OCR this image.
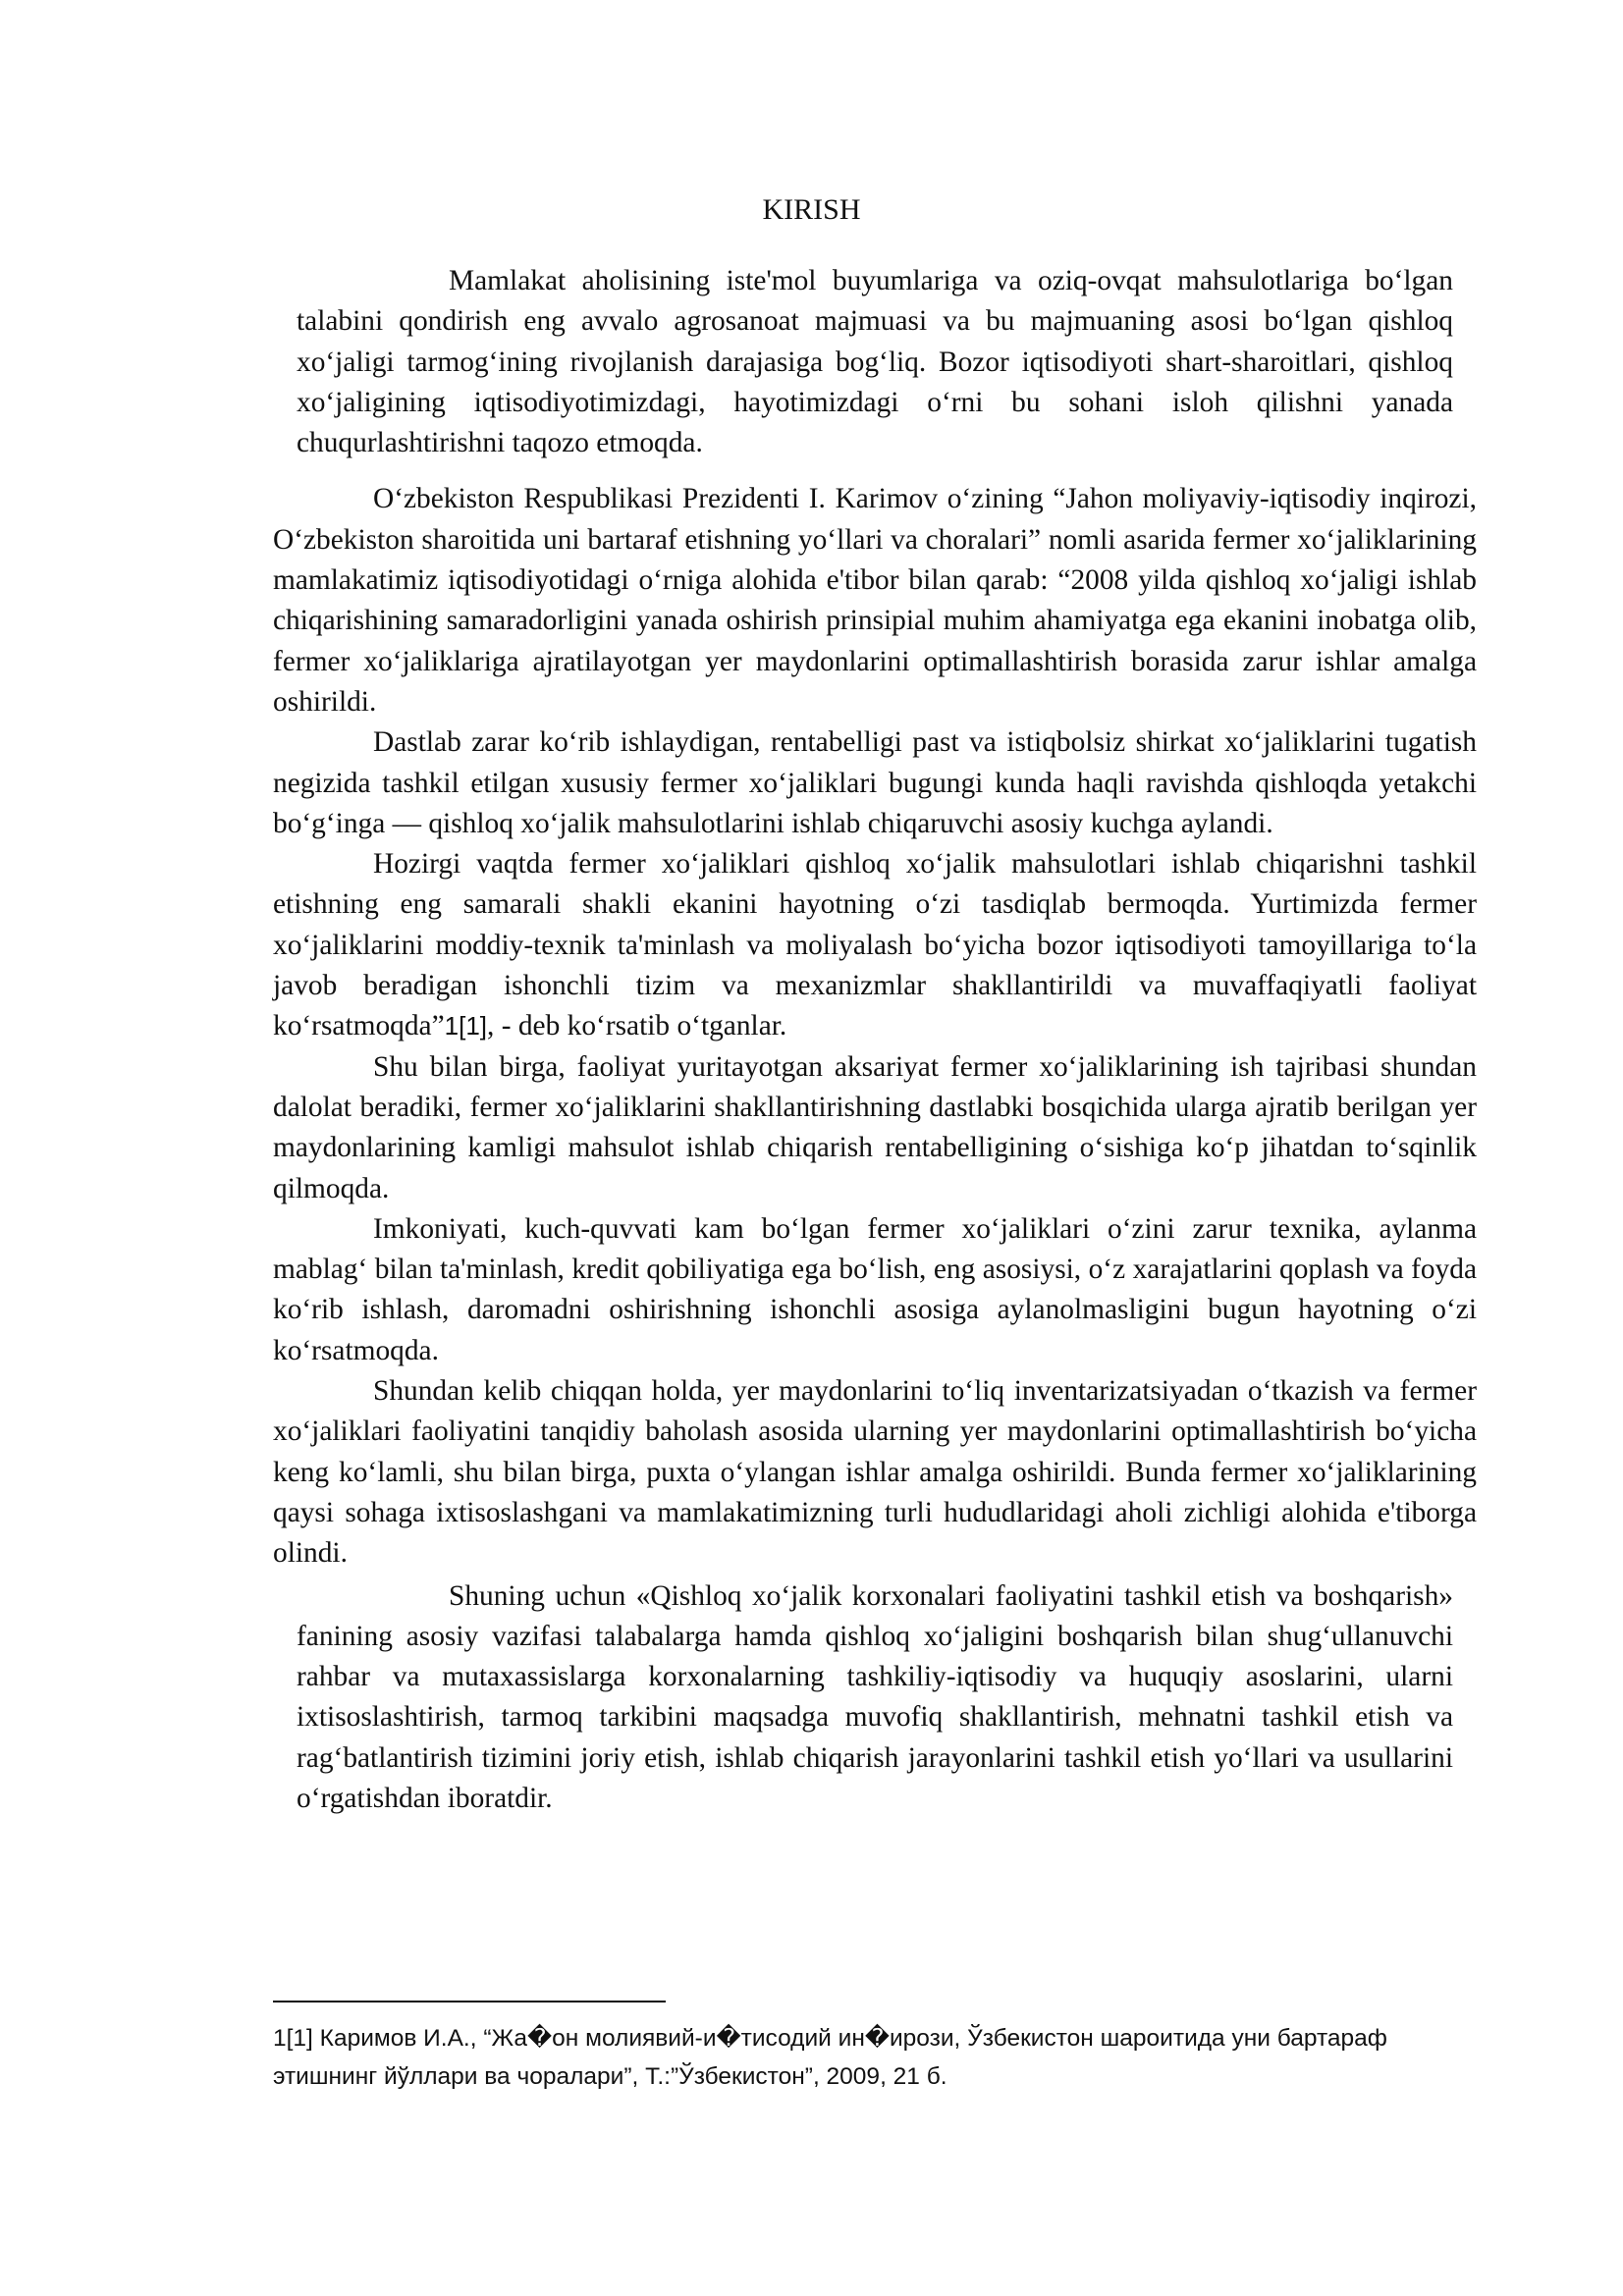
KIRISH

Mamlakat aholisining iste'mol buyumlariga va oziq-ovqat mahsulotlariga bo‘lgan talabini qondirish eng avvalo agrosanoat majmuasi va bu majmuaning asosi bo‘lgan qishloq xo‘jaligi tarmog‘ining rivojlanish darajasiga bog‘liq. Bozor iqtisodiyoti shart-sharoitlari, qishloq xo‘jaligining iqtisodiyotimizdagi, hayotimizdagi o‘rni bu sohani isloh qilishni yanada chuqurlashtirishni taqozo etmoqda.

O‘zbekiston Respublikasi Prezidenti I. Karimov o‘zining “Jahon moliyaviy-iqtisodiy inqirozi, O‘zbekiston sharoitida uni bartaraf etishning yo‘llari va choralari” nomli asarida fermer xo‘jaliklarining mamlakatimiz iqtisodiyotidagi o‘rniga alohida e'tibor bilan qarab: “2008 yilda qishloq xo‘jaligi ishlab chiqarishining samaradorligini yanada oshirish prinsipial muhim ahamiyatga ega ekanini inobatga olib, fermer xo‘jaliklariga ajratilayotgan yer maydonlarini optimallashtirish borasida zarur ishlar amalga oshirildi.

Dastlab zarar ko‘rib ishlaydigan, rentabelligi past va istiqbolsiz shirkat xo‘jaliklarini tugatish negizida tashkil etilgan xususiy fermer xo‘jaliklari bugungi kunda haqli ravishda qishloqda yetakchi bo‘g‘inga — qishloq xo‘jalik mahsulotlarini ishlab chiqaruvchi asosiy kuchga aylandi.

Hozirgi vaqtda fermer xo‘jaliklari qishloq xo‘jalik mahsulotlari ishlab chiqarishni tashkil etishning eng samarali shakli ekanini hayotning o‘zi tasdiqlab bermoqda. Yurtimizda fermer xo‘jaliklarini moddiy-texnik ta'minlash va moliyalash bo‘yicha bozor iqtisodiyoti tamoyillariga to‘la javob beradigan ishonchli tizim va mexanizmlar shakllantirildi va muvaffaqiyatli faoliyat ko‘rsatmoqda”1[1], - deb ko‘rsatib o‘tganlar.

Shu bilan birga, faoliyat yuritayotgan aksariyat fermer xo‘jaliklarining ish tajribasi shundan dalolat beradiki, fermer xo‘jaliklarini shakllantirishning dastlabki bosqichida ularga ajratib berilgan yer maydonlarining kamligi mahsulot ishlab chiqarish rentabelligining o‘sishiga ko‘p jihatdan to‘sqinlik qilmoqda.

Imkoniyati, kuch-quvvati kam bo‘lgan fermer xo‘jaliklari o‘zini zarur texnika, aylanma mablag‘ bilan ta'minlash, kredit qobiliyatiga ega bo‘lish, eng asosiysi, o‘z xarajatlarini qoplash va foyda ko‘rib ishlash, daromadni oshirishning ishonchli asosiga aylanolmasligini bugun hayotning o‘zi ko‘rsatmoqda.

Shundan kelib chiqqan holda, yer maydonlarini to‘liq inventarizatsiyadan o‘tkazish va fermer xo‘jaliklari faoliyatini tanqidiy baholash asosida ularning yer maydonlarini optimallashtirish bo‘yicha keng ko‘lamli, shu bilan birga, puxta o‘ylangan ishlar amalga oshirildi. Bunda fermer xo‘jaliklarining qaysi sohaga ixtisoslashgani va mamlakatimizning turli hududlaridagi aholi zichligi alohida e'tiborga olindi.

Shuning uchun «Qishloq xo‘jalik korxonalari faoliyatini tashkil etish va boshqarish» fanining asosiy vazifasi talabalarga hamda qishloq xo‘jaligini boshqarish bilan shug‘ullanuvchi rahbar va mutaxassislarga korxonalarning tashkiliy-iqtisodiy va huquqiy asoslarini, ularni ixtisoslashtirish, tarmoq tarkibini maqsadga muvofiq shakllantirish, mehnatni tashkil etish va rag‘batlantirish tizimini joriy etish, ishlab chiqarish jarayonlarini tashkil etish yo‘llari va usullarini o‘rgatishdan iboratdir.

1[1] Каримов И.А., “Жа�он молиявий-и�тисодий ин�ирози, Ўзбекистон шароитида уни бартараф этишнинг йўллари ва чоралари”, Т.:”Ўзбекистон”, 2009, 21 б.
